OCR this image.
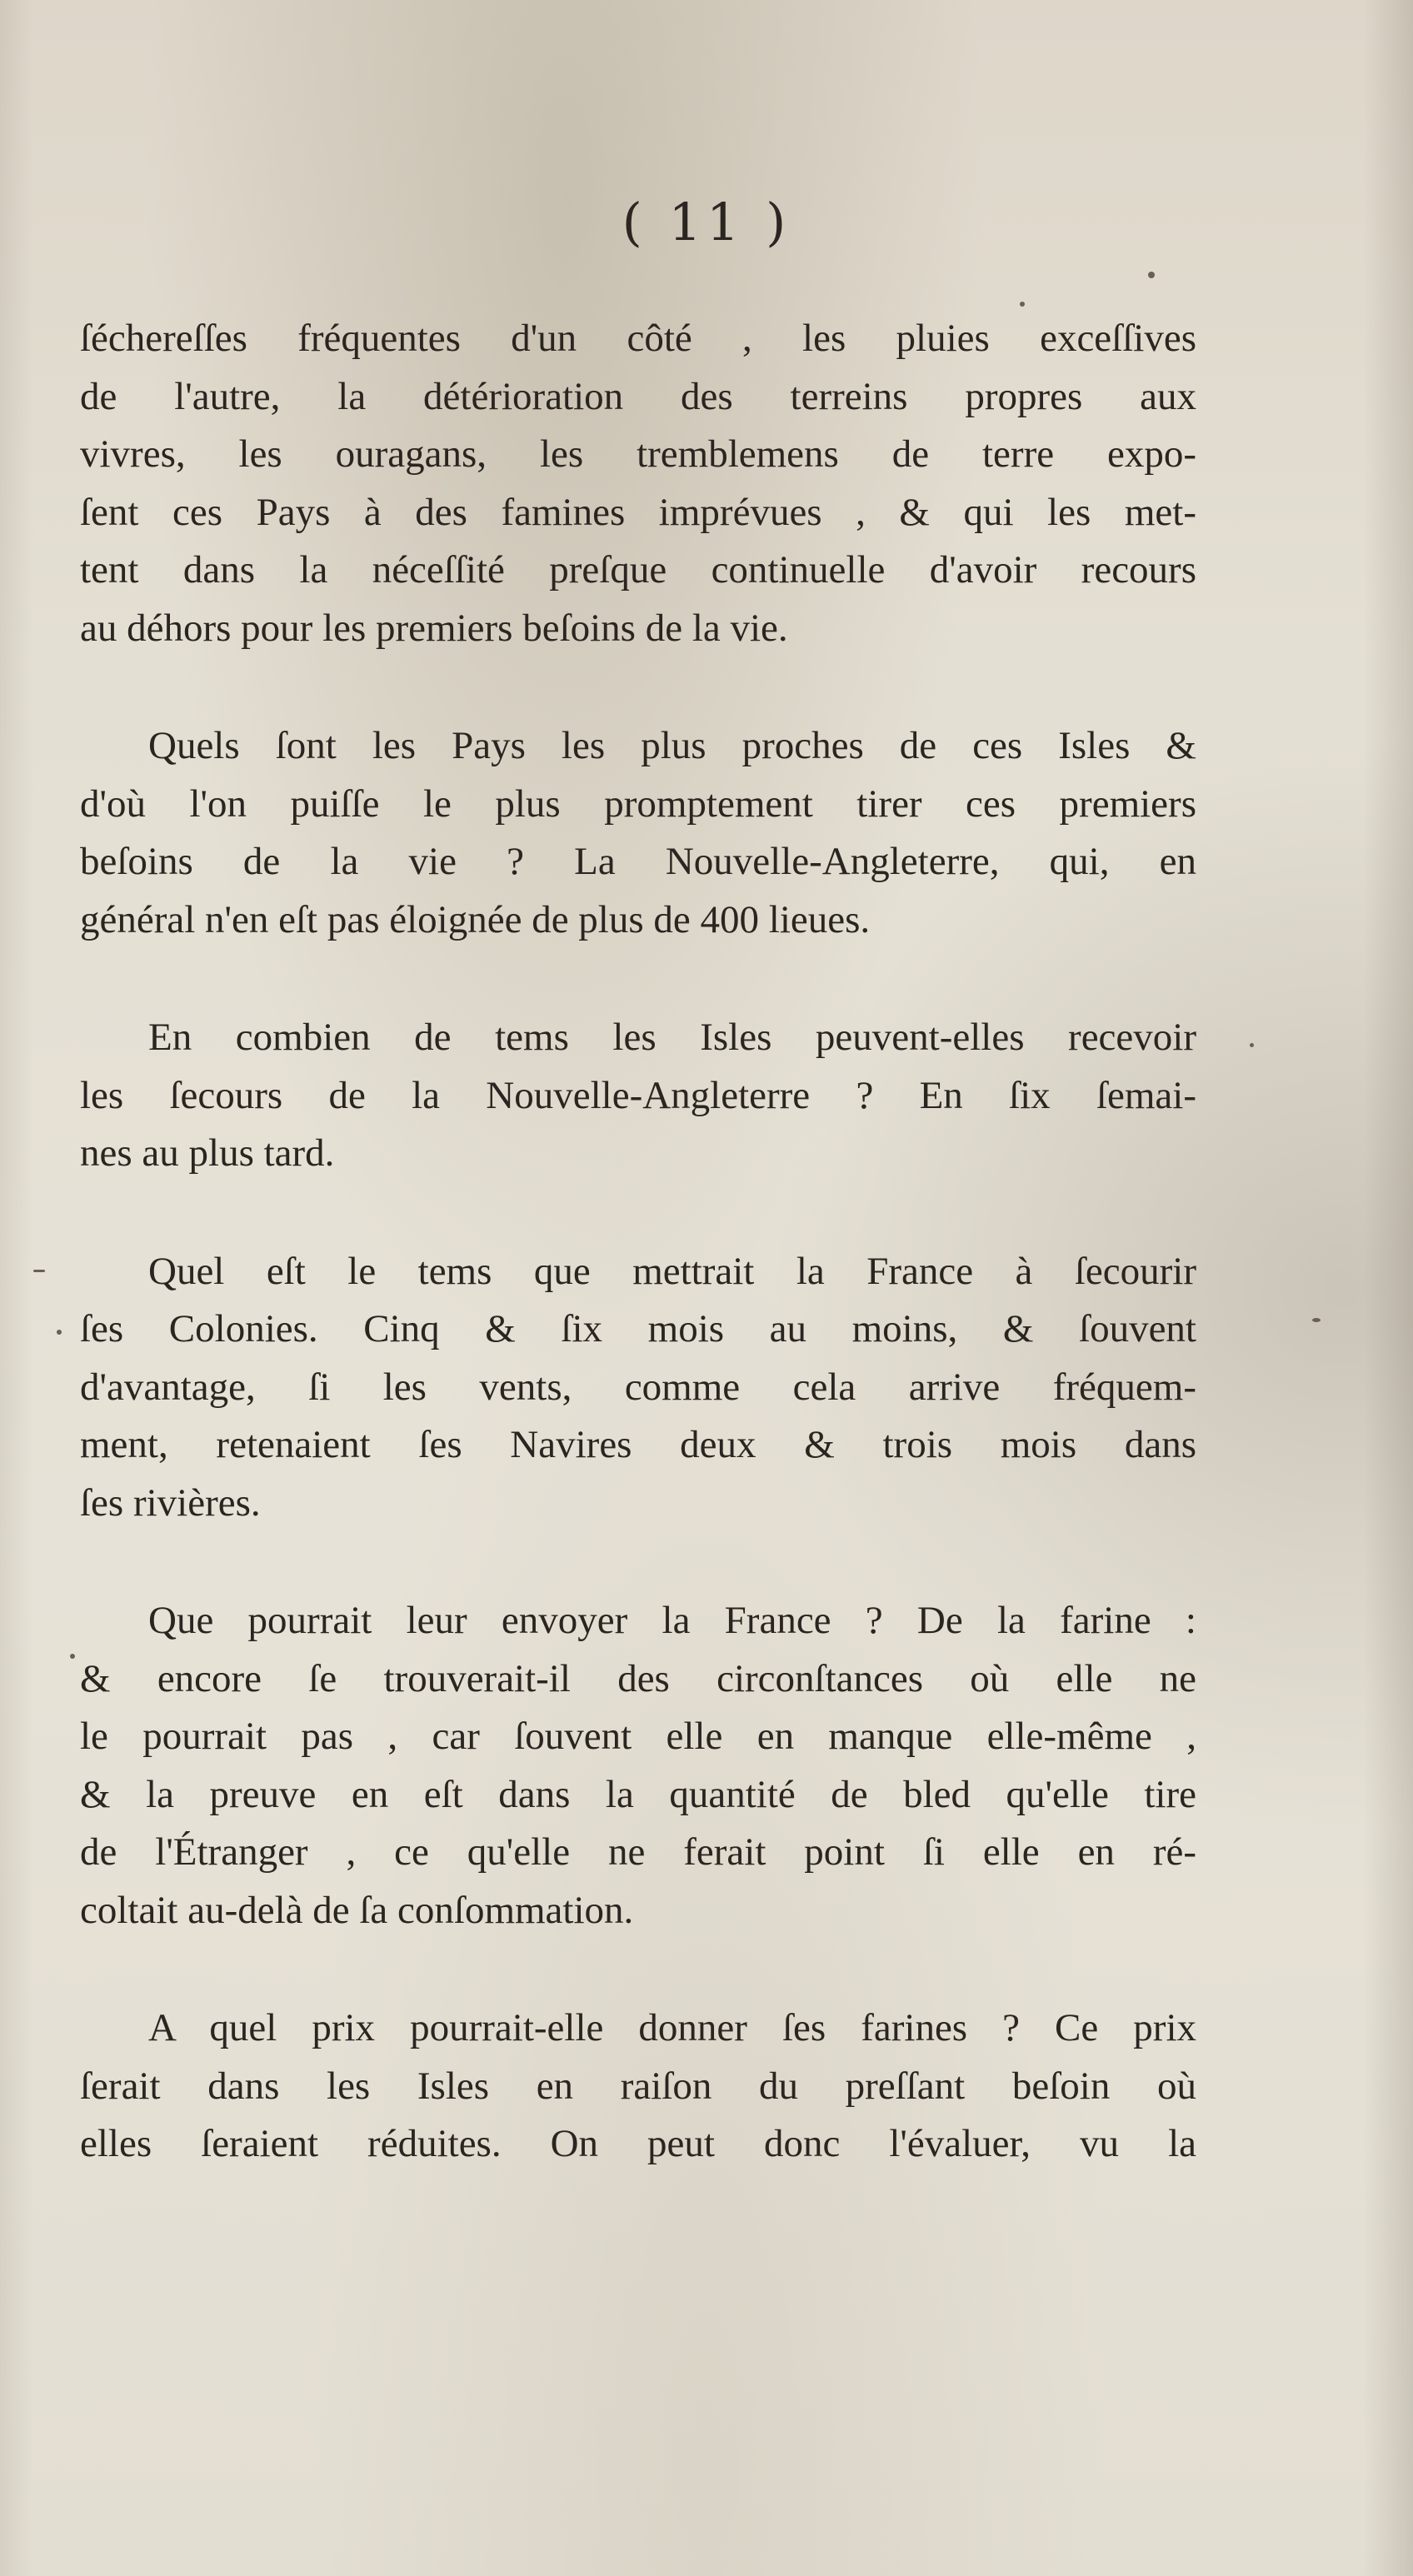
( 11 )
ſéchereſſes fréquentes d'un côté , les pluies exceſſives
de l'autre, la détérioration des terreins propres aux
vivres, les ouragans, les tremblemens de terre expo-
ſent ces Pays à des famines imprévues , & qui les met-
tent dans la néceſſité preſque continuelle d'avoir recours
au déhors pour les premiers beſoins de la vie.
Quels ſont les Pays les plus proches de ces Isles &
d'où l'on puiſſe le plus promptement tirer ces premiers
beſoins de la vie ? La Nouvelle-Angleterre, qui, en
général n'en eſt pas éloignée de plus de 400 lieues.
En combien de tems les Isles peuvent-elles recevoir
les ſecours de la Nouvelle-Angleterre ? En ſix ſemai-
nes au plus tard.
Quel eſt le tems que mettrait la France à ſecourir
ſes Colonies. Cinq & ſix mois au moins, & ſouvent
d'avantage, ſi les vents, comme cela arrive fréquem-
ment, retenaient ſes Navires deux & trois mois dans
ſes rivières.
Que pourrait leur envoyer la France ? De la farine :
& encore ſe trouverait-il des circonſtances où elle ne
le pourrait pas , car ſouvent elle en manque elle-même ,
& la preuve en eſt dans la quantité de bled qu'elle tire
de l'Étranger , ce qu'elle ne ferait point ſi elle en ré-
coltait au-delà de ſa conſommation.
A quel prix pourrait-elle donner ſes farines ? Ce prix
ſerait dans les Isles en raiſon du preſſant beſoin où
elles ſeraient réduites. On peut donc l'évaluer, vu la
